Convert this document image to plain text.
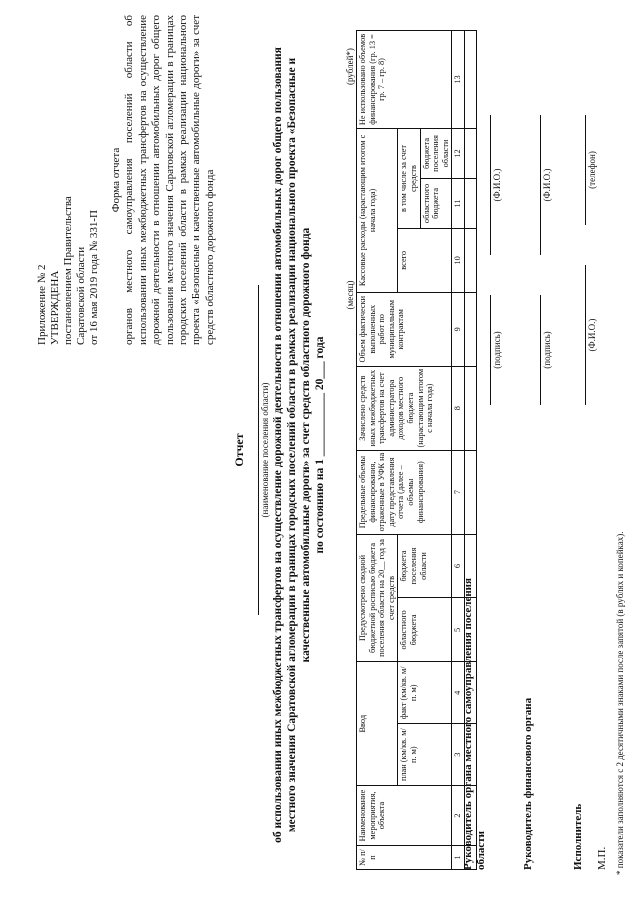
Приложение № 2 УТВЕРЖДЕНА постановлением Правительства Саратовской области от 16 мая 2019 года № 331-П
Форма отчета органов местного самоуправления поселений области об использовании иных межбюджетных трансфертов на осуществление дорожной деятельности в отношении автомобильных дорог общего пользования местного значения Саратовской агломерации в границах городских поселений области в рамках реализации национального проекта «Безопасные и качественные автомобильные дороги» за счет средств областного дорожного фонда
Отчет (наименование поселения области) об использовании иных межбюджетных трансфертов на осуществление дорожной деятельности в отношении автомобильных дорог общего пользования местного значения Саратовской агломерации в границах городских поселений области в рамках реализации национального проекта «Безопасные и качественные автомобильные дороги» за счет средств областного дорожного фонда по состоянию на 1 ___________ 20___ года
(месяц)
(рублей*)
№ п/п	Наименование мероприятия, объекта	Ввод		Предусмотрено сводной бюджетной росписью бюджета поселения области на 20__ год за счет средств		Предельные объемы финансирования, отраженные в УФК на дату представления отчета (далее – объемы финансирования)	Зачислено средств иных межбюджетных трансфертов на счет администратора доходов местного бюджета (нарастающим итогом с начала года)	Объем фактически выполненных работ по муниципальным контрактам	Кассовые расходы (нарастающим итогом с начала года)			Не использовано объемов финансирования (гр. 13 = гр. 7 – гр. 8)
		план (км/кв. м/ п. м)	факт (км/кв. м/ п. м)	областного бюджета	бюджета поселения области				всего	в том числе за счет средств		
										областного бюджета	бюджета поселения области	
1	2	3	4	5	6	7	8	9	10	11	12	13

Руководитель органа местного самоуправления поселения области
(подпись)
(Ф.И.О.)
Руководитель финансового органа
(подпись)
(Ф.И.О.)
Исполнитель
(Ф.И.О.)
(телефон)
М.П. * показатели заполняются с 2 десятичными знаками после запятой (в рублях и копейках).
